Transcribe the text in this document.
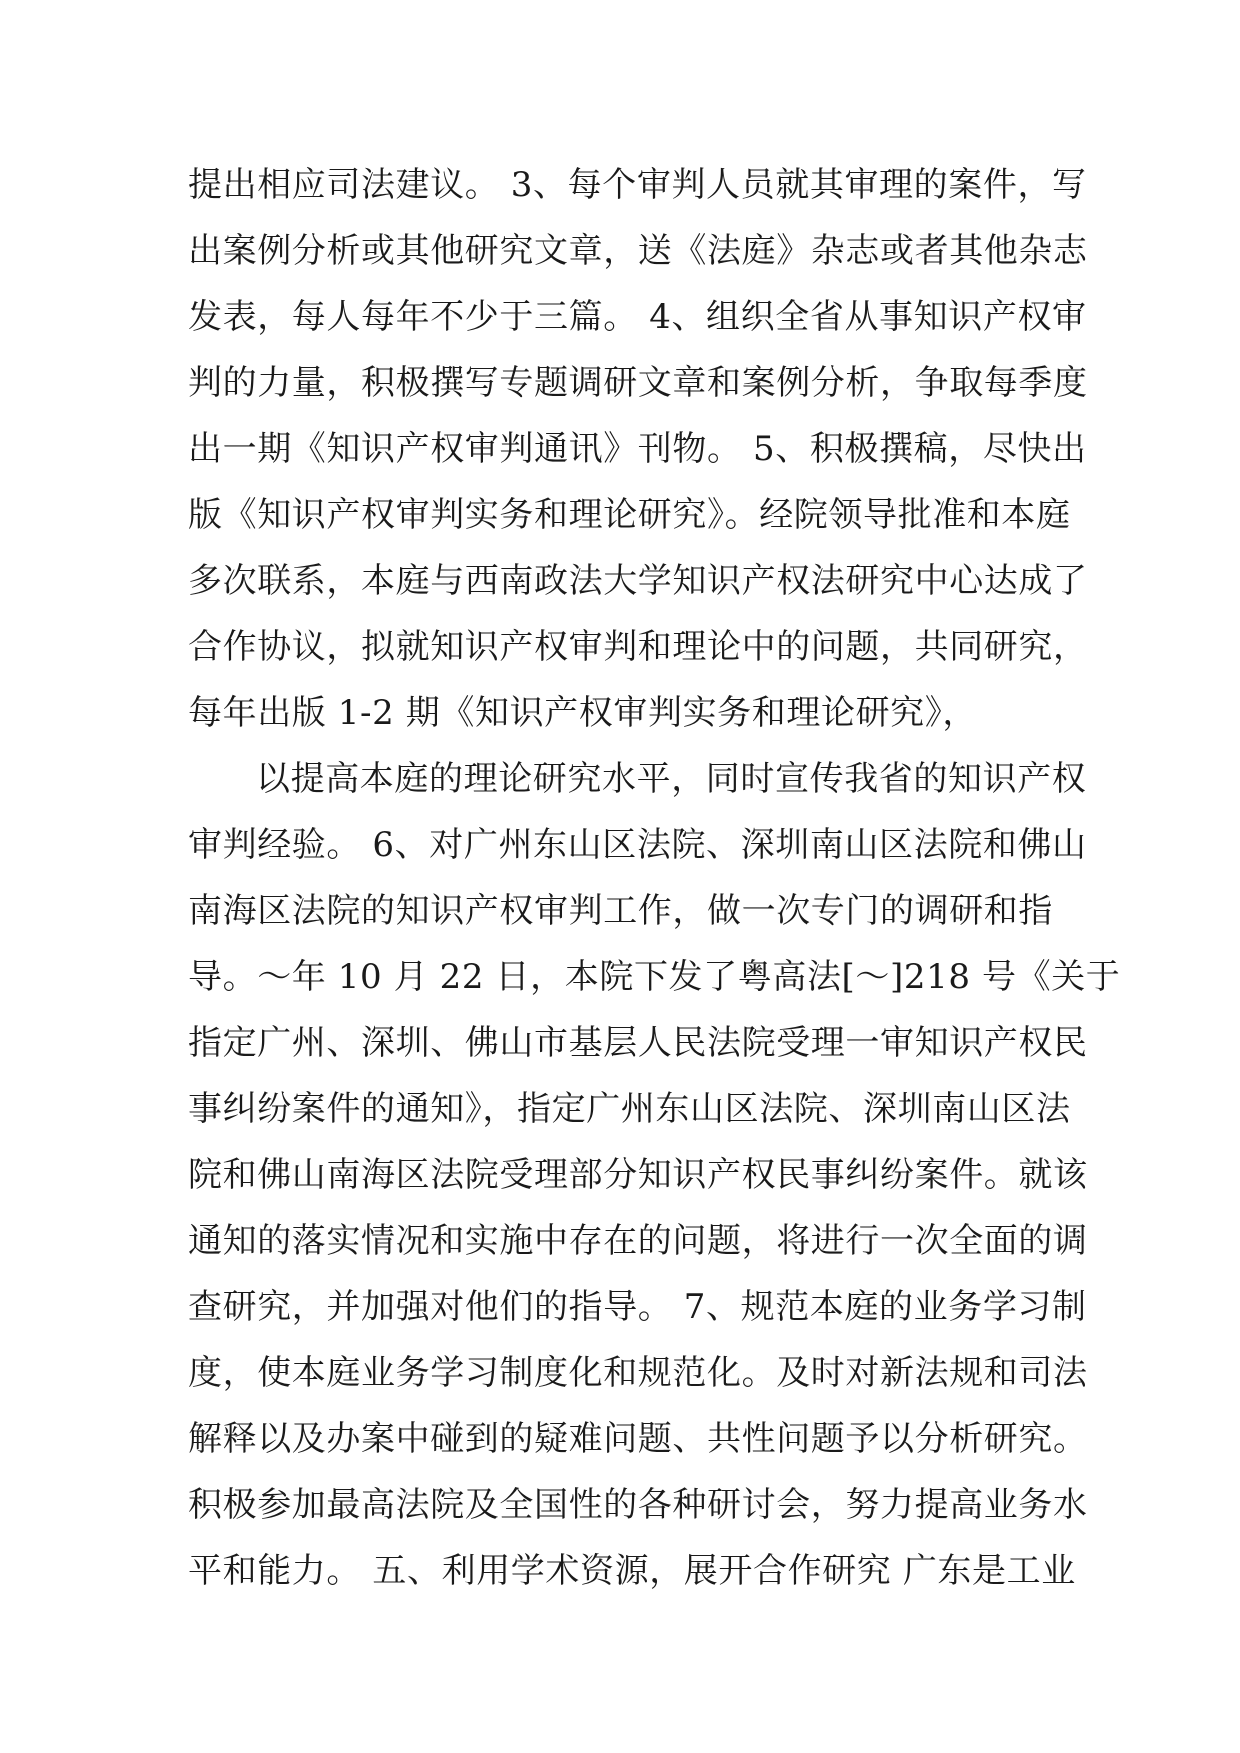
提出相应司法建议。 3、每个审判人员就其审理的案件，写
出案例分析或其他研究文章，送《法庭》杂志或者其他杂志
发表，每人每年不少于三篇。 4、组织全省从事知识产权审
判的力量，积极撰写专题调研文章和案例分析，争取每季度
出一期《知识产权审判通讯》刊物。 5、积极撰稿，尽快出
版《知识产权审判实务和理论研究》。经院领导批准和本庭
多次联系，本庭与西南政法大学知识产权法研究中心达成了
合作协议，拟就知识产权审判和理论中的问题，共同研究，
每年出版 1-2 期《知识产权审判实务和理论研究》，
以提高本庭的理论研究水平，同时宣传我省的知识产权
审判经验。 6、对广州东山区法院、深圳南山区法院和佛山
南海区法院的知识产权审判工作，做一次专门的调研和指
导。～年 10 月 22 日，本院下发了粤高法[～]218 号《关于
指定广州、深圳、佛山市基层人民法院受理一审知识产权民
事纠纷案件的通知》，指定广州东山区法院、深圳南山区法
院和佛山南海区法院受理部分知识产权民事纠纷案件。就该
通知的落实情况和实施中存在的问题，将进行一次全面的调
查研究，并加强对他们的指导。 7、规范本庭的业务学习制
度，使本庭业务学习制度化和规范化。及时对新法规和司法
解释以及办案中碰到的疑难问题、共性问题予以分析研究。
积极参加最高法院及全国性的各种研讨会，努力提高业务水
平和能力。 五、利用学术资源，展开合作研究 广东是工业
